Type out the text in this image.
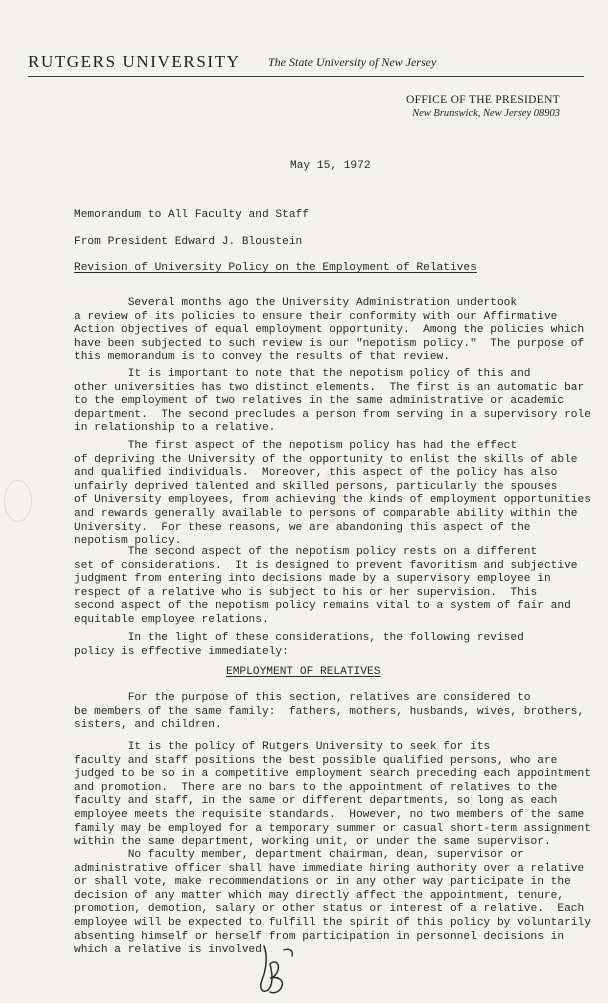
RUTGERS UNIVERSITY The State University of New Jersey
OFFICE OF THE PRESIDENT
New Brunswick, New Jersey 08903
May 15, 1972
Memorandum to All Faculty and Staff
From President Edward J. Bloustein
Revision of University Policy on the Employment of Relatives
Several months ago the University Administration undertook
a review of its policies to ensure their conformity with our Affirmative
Action objectives of equal employment opportunity.  Among the policies which
have been subjected to such review is our "nepotism policy."  The purpose of
this memorandum is to convey the results of that review.
It is important to note that the nepotism policy of this and
other universities has two distinct elements.  The first is an automatic bar
to the employment of two relatives in the same administrative or academic
department.  The second precludes a person from serving in a supervisory role
in relationship to a relative.
The first aspect of the nepotism policy has had the effect
of depriving the University of the opportunity to enlist the skills of able
and qualified individuals.  Moreover, this aspect of the policy has also
unfairly deprived talented and skilled persons, particularly the spouses
of University employees, from achieving the kinds of employment opportunities
and rewards generally available to persons of comparable ability within the
University.  For these reasons, we are abandoning this aspect of the
nepotism policy.
The second aspect of the nepotism policy rests on a different
set of considerations.  It is designed to prevent favoritism and subjective
judgment from entering into decisions made by a supervisory employee in
respect of a relative who is subject to his or her supervision.  This
second aspect of the nepotism policy remains vital to a system of fair and
equitable employee relations.
In the light of these considerations, the following revised
policy is effective immediately:
For the purpose of this section, relatives are considered to
be members of the same family:  fathers, mothers, husbands, wives, brothers,
sisters, and children.
It is the policy of Rutgers University to seek for its
faculty and staff positions the best possible qualified persons, who are
judged to be so in a competitive employment search preceding each appointment
and promotion.  There are no bars to the appointment of relatives to the
faculty and staff, in the same or different departments, so long as each
employee meets the requisite standards.  However, no two members of the same
family may be employed for a temporary summer or casual short-term assignment
within the same department, working unit, or under the same supervisor.
No faculty member, department chairman, dean, supervisor or
administrative officer shall have immediate hiring authority over a relative
or shall vote, make recommendations or in any other way participate in the
decision of any matter which may directly affect the appointment, tenure,
promotion, demotion, salary or other status or interest of a relative.  Each
employee will be expected to fulfill the spirit of this policy by voluntarily
absenting himself or herself from participation in personnel decisions in
which a relative is involved.
EMPLOYMENT OF RELATIVES
